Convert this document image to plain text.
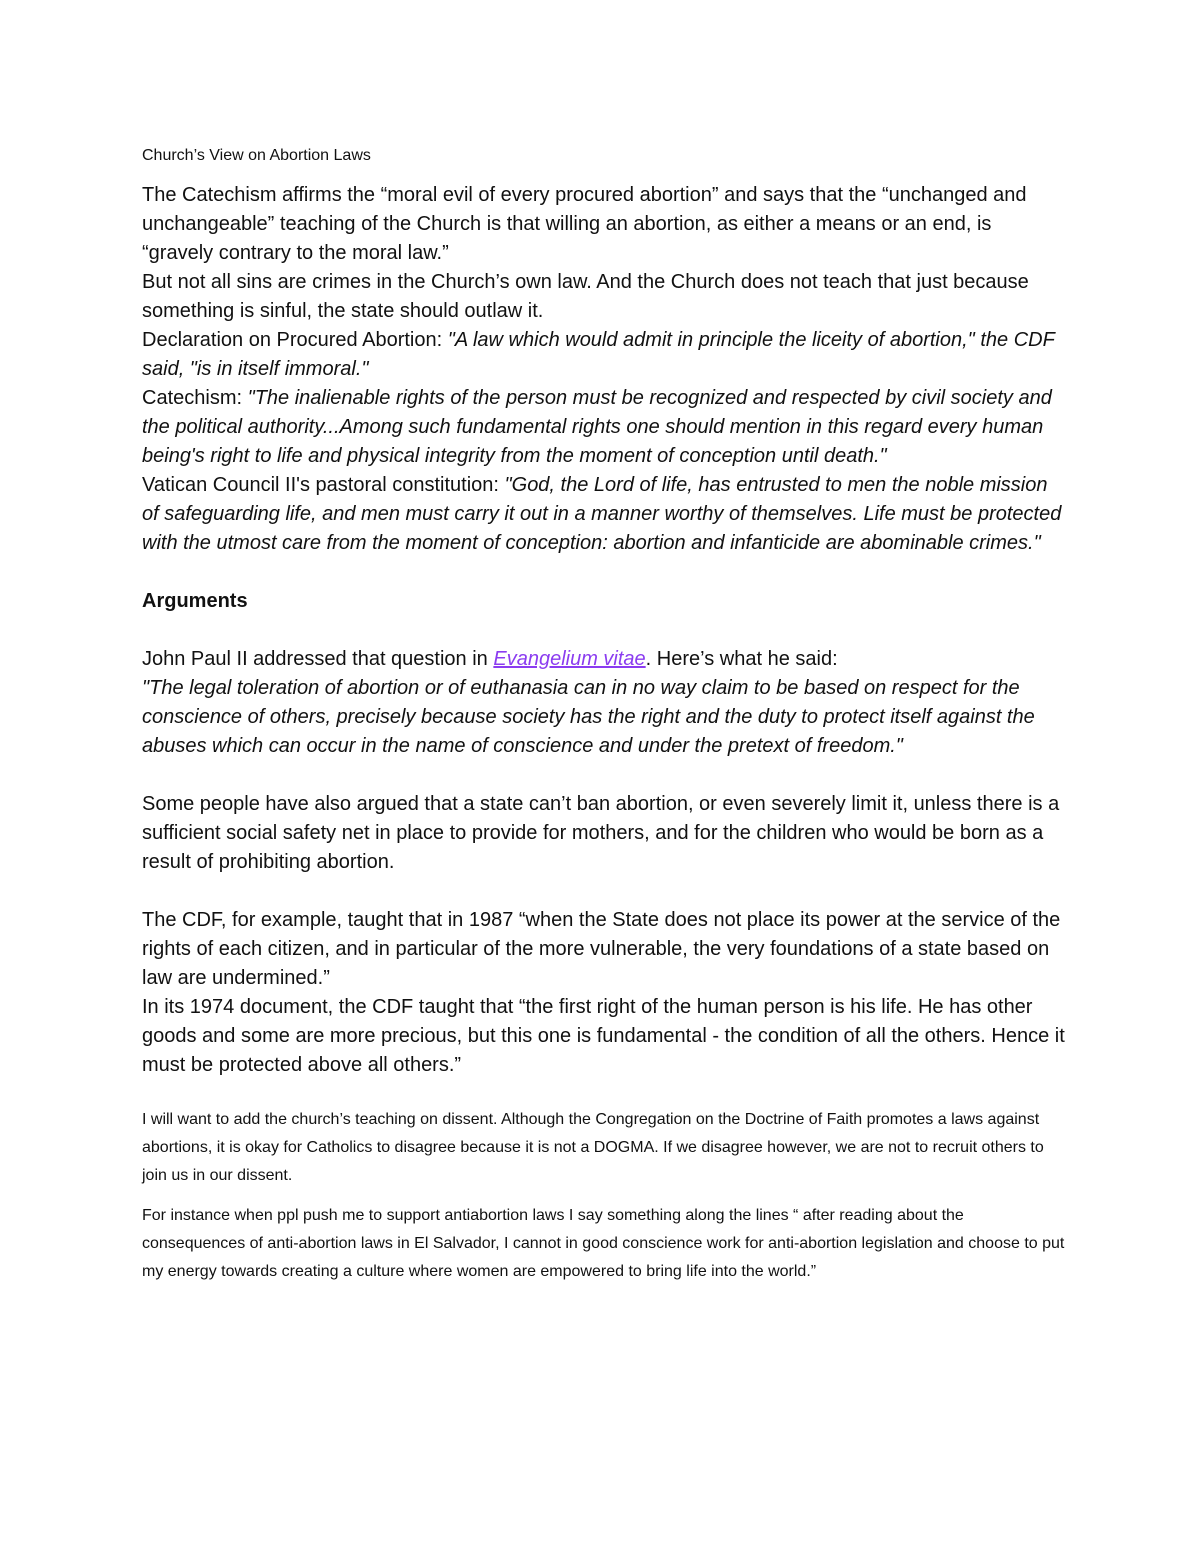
Church’s View on Abortion Laws

The Catechism affirms the “moral evil of every procured abortion” and says that the “unchanged and unchangeable” teaching of the Church is that willing an abortion, as either a means or an end, is “gravely contrary to the moral law.”

But not all sins are crimes in the Church’s own law. And the Church does not teach that just because something is sinful, the state should outlaw it.

Declaration on Procured Abortion: "A law which would admit in principle the liceity of abortion," the CDF said, "is in itself immoral."

Catechism: "The inalienable rights of the person must be recognized and respected by civil society and the political authority...Among such fundamental rights one should mention in this regard every human being's right to life and physical integrity from the moment of conception until death."

Vatican Council II's pastoral constitution: "God, the Lord of life, has entrusted to men the noble mission of safeguarding life, and men must carry it out in a manner worthy of themselves. Life must be protected with the utmost care from the moment of conception: abortion and infanticide are abominable crimes."

Arguments

John Paul II addressed that question in Evangelium vitae. Here’s what he said:

"The legal toleration of abortion or of euthanasia can in no way claim to be based on respect for the conscience of others, precisely because society has the right and the duty to protect itself against the abuses which can occur in the name of conscience and under the pretext of freedom."

Some people have also argued that a state can’t ban abortion, or even severely limit it, unless there is a sufficient social safety net in place to provide for mothers, and for the children who would be born as a result of prohibiting abortion.

The CDF, for example, taught that in 1987 “when the State does not place its power at the service of the rights of each citizen, and in particular of the more vulnerable, the very foundations of a state based on law are undermined.”

In its 1974 document, the CDF taught that “the first right of the human person is his life. He has other goods and some are more precious, but this one is fundamental - the condition of all the others. Hence it must be protected above all others.”

I will want to add the church’s teaching on dissent. Although the Congregation on the Doctrine of Faith promotes a laws against abortions, it is okay for Catholics to disagree because it is not a DOGMA. If we disagree however, we are not to recruit others to join us in our dissent.

For instance when ppl push me to support antiabortion laws I say something along the lines “ after reading about the consequences of anti-abortion laws in El Salvador, I cannot in good conscience work for anti-abortion legislation and choose to put my energy towards creating a culture where women are empowered to bring life into the world.”
